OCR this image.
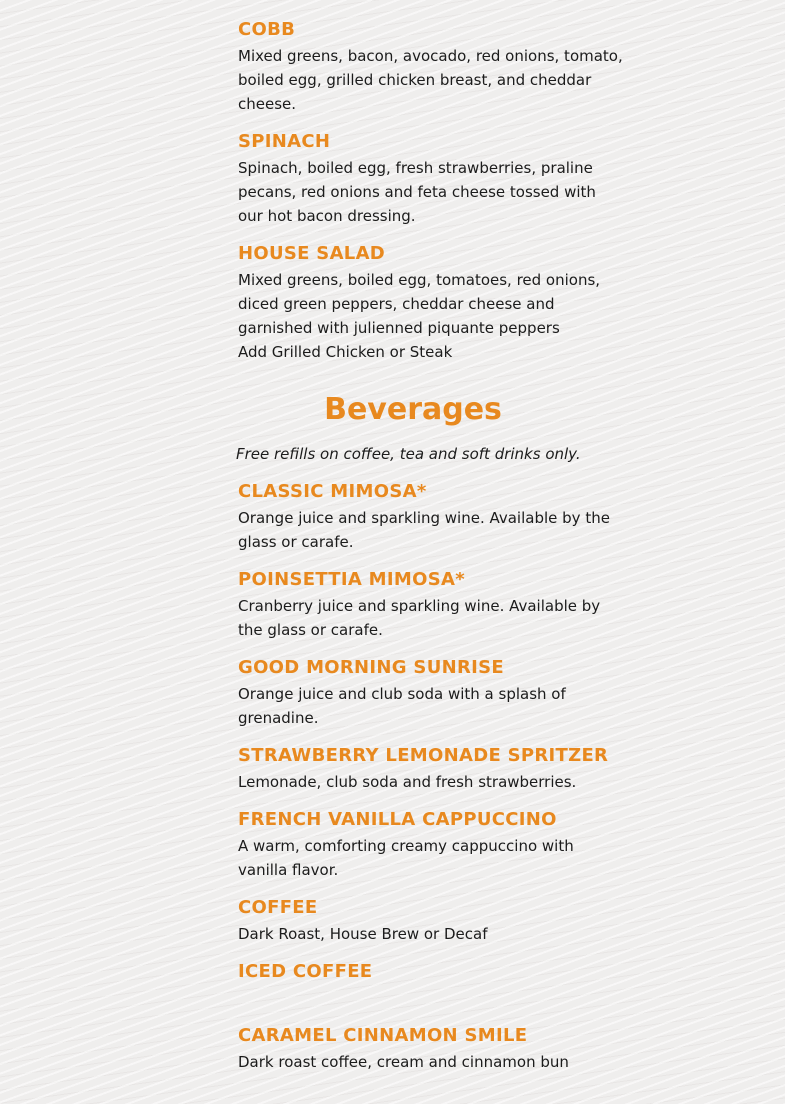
COBB

Mixed greens, bacon, avocado, red onions, tomato, boiled egg, grilled chicken breast, and cheddar cheese.

SPINACH

Spinach, boiled egg, fresh strawberries, praline pecans, red onions and feta cheese tossed with our hot bacon dressing.

HOUSE SALAD

Mixed greens, boiled egg, tomatoes, red onions, diced green peppers, cheddar cheese and garnished with julienned piquante peppers

Add Grilled Chicken or Steak

Beverages

Free refills on coffee, tea and soft drinks only.

CLASSIC MIMOSA*

Orange juice and sparkling wine. Available by the glass or carafe.

POINSETTIA MIMOSA*

Cranberry juice and sparkling wine. Available by the glass or carafe.

GOOD MORNING SUNRISE

Orange juice and club soda with a splash of grenadine.

STRAWBERRY LEMONADE SPRITZER

Lemonade, club soda and fresh strawberries.

FRENCH VANILLA CAPPUCCINO

A warm, comforting creamy cappuccino with vanilla flavor.

COFFEE

Dark Roast, House Brew or Decaf

ICED COFFEE

CARAMEL CINNAMON SMILE

Dark roast coffee, cream and cinnamon bun
